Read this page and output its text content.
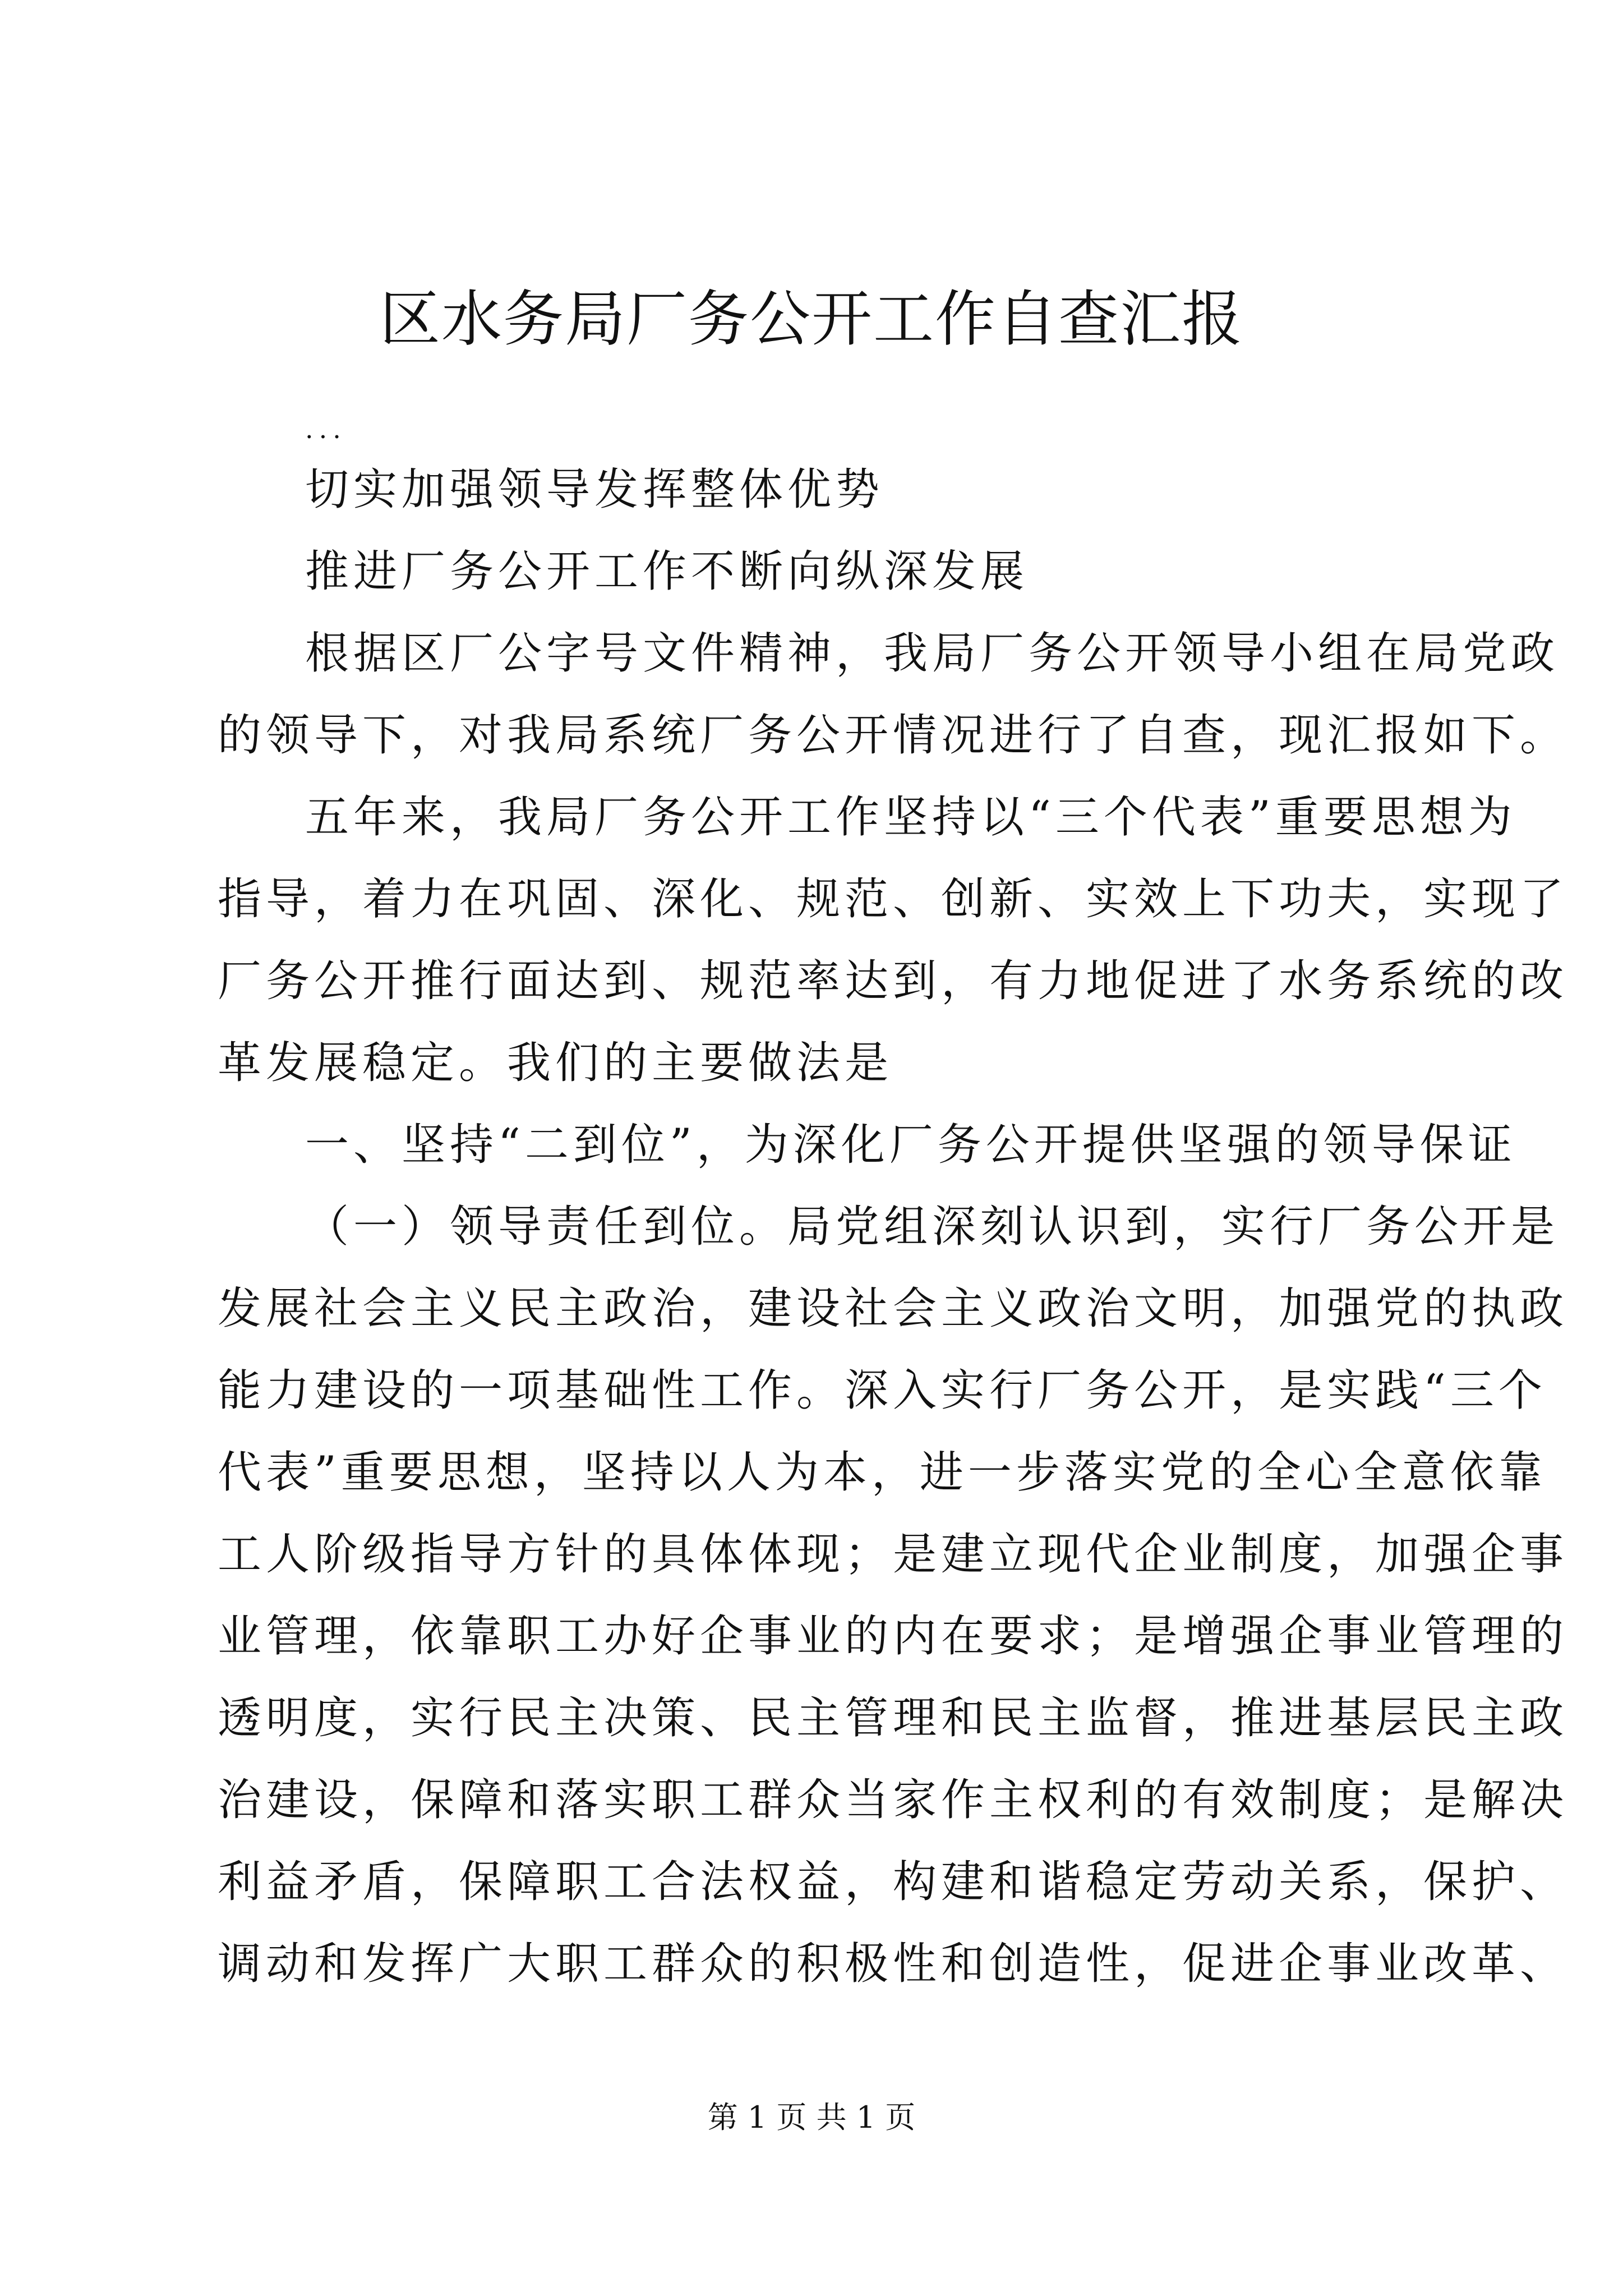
区水务局厂务公开工作自查汇报

...

切实加强领导发挥整体优势

推进厂务公开工作不断向纵深发展

根据区厂公字号文件精神，我局厂务公开领导小组在局党政

的领导下，对我局系统厂务公开情况进行了自查，现汇报如下。

五年来，我局厂务公开工作坚持以“三个代表”重要思想为

指导，着力在巩固、深化、规范、创新、实效上下功夫，实现了

厂务公开推行面达到、规范率达到，有力地促进了水务系统的改

革发展稳定。我们的主要做法是

一、坚持“二到位”，为深化厂务公开提供坚强的领导保证

（一）领导责任到位。局党组深刻认识到，实行厂务公开是

发展社会主义民主政治，建设社会主义政治文明，加强党的执政

能力建设的一项基础性工作。深入实行厂务公开，是实践“三个

代表”重要思想，坚持以人为本，进一步落实党的全心全意依靠

工人阶级指导方针的具体体现；是建立现代企业制度，加强企事

业管理，依靠职工办好企事业的内在要求；是增强企事业管理的

透明度，实行民主决策、民主管理和民主监督，推进基层民主政

治建设，保障和落实职工群众当家作主权利的有效制度；是解决

利益矛盾，保障职工合法权益，构建和谐稳定劳动关系，保护、

调动和发挥广大职工群众的积极性和创造性，促进企事业改革、

第 1 页 共 1 页
